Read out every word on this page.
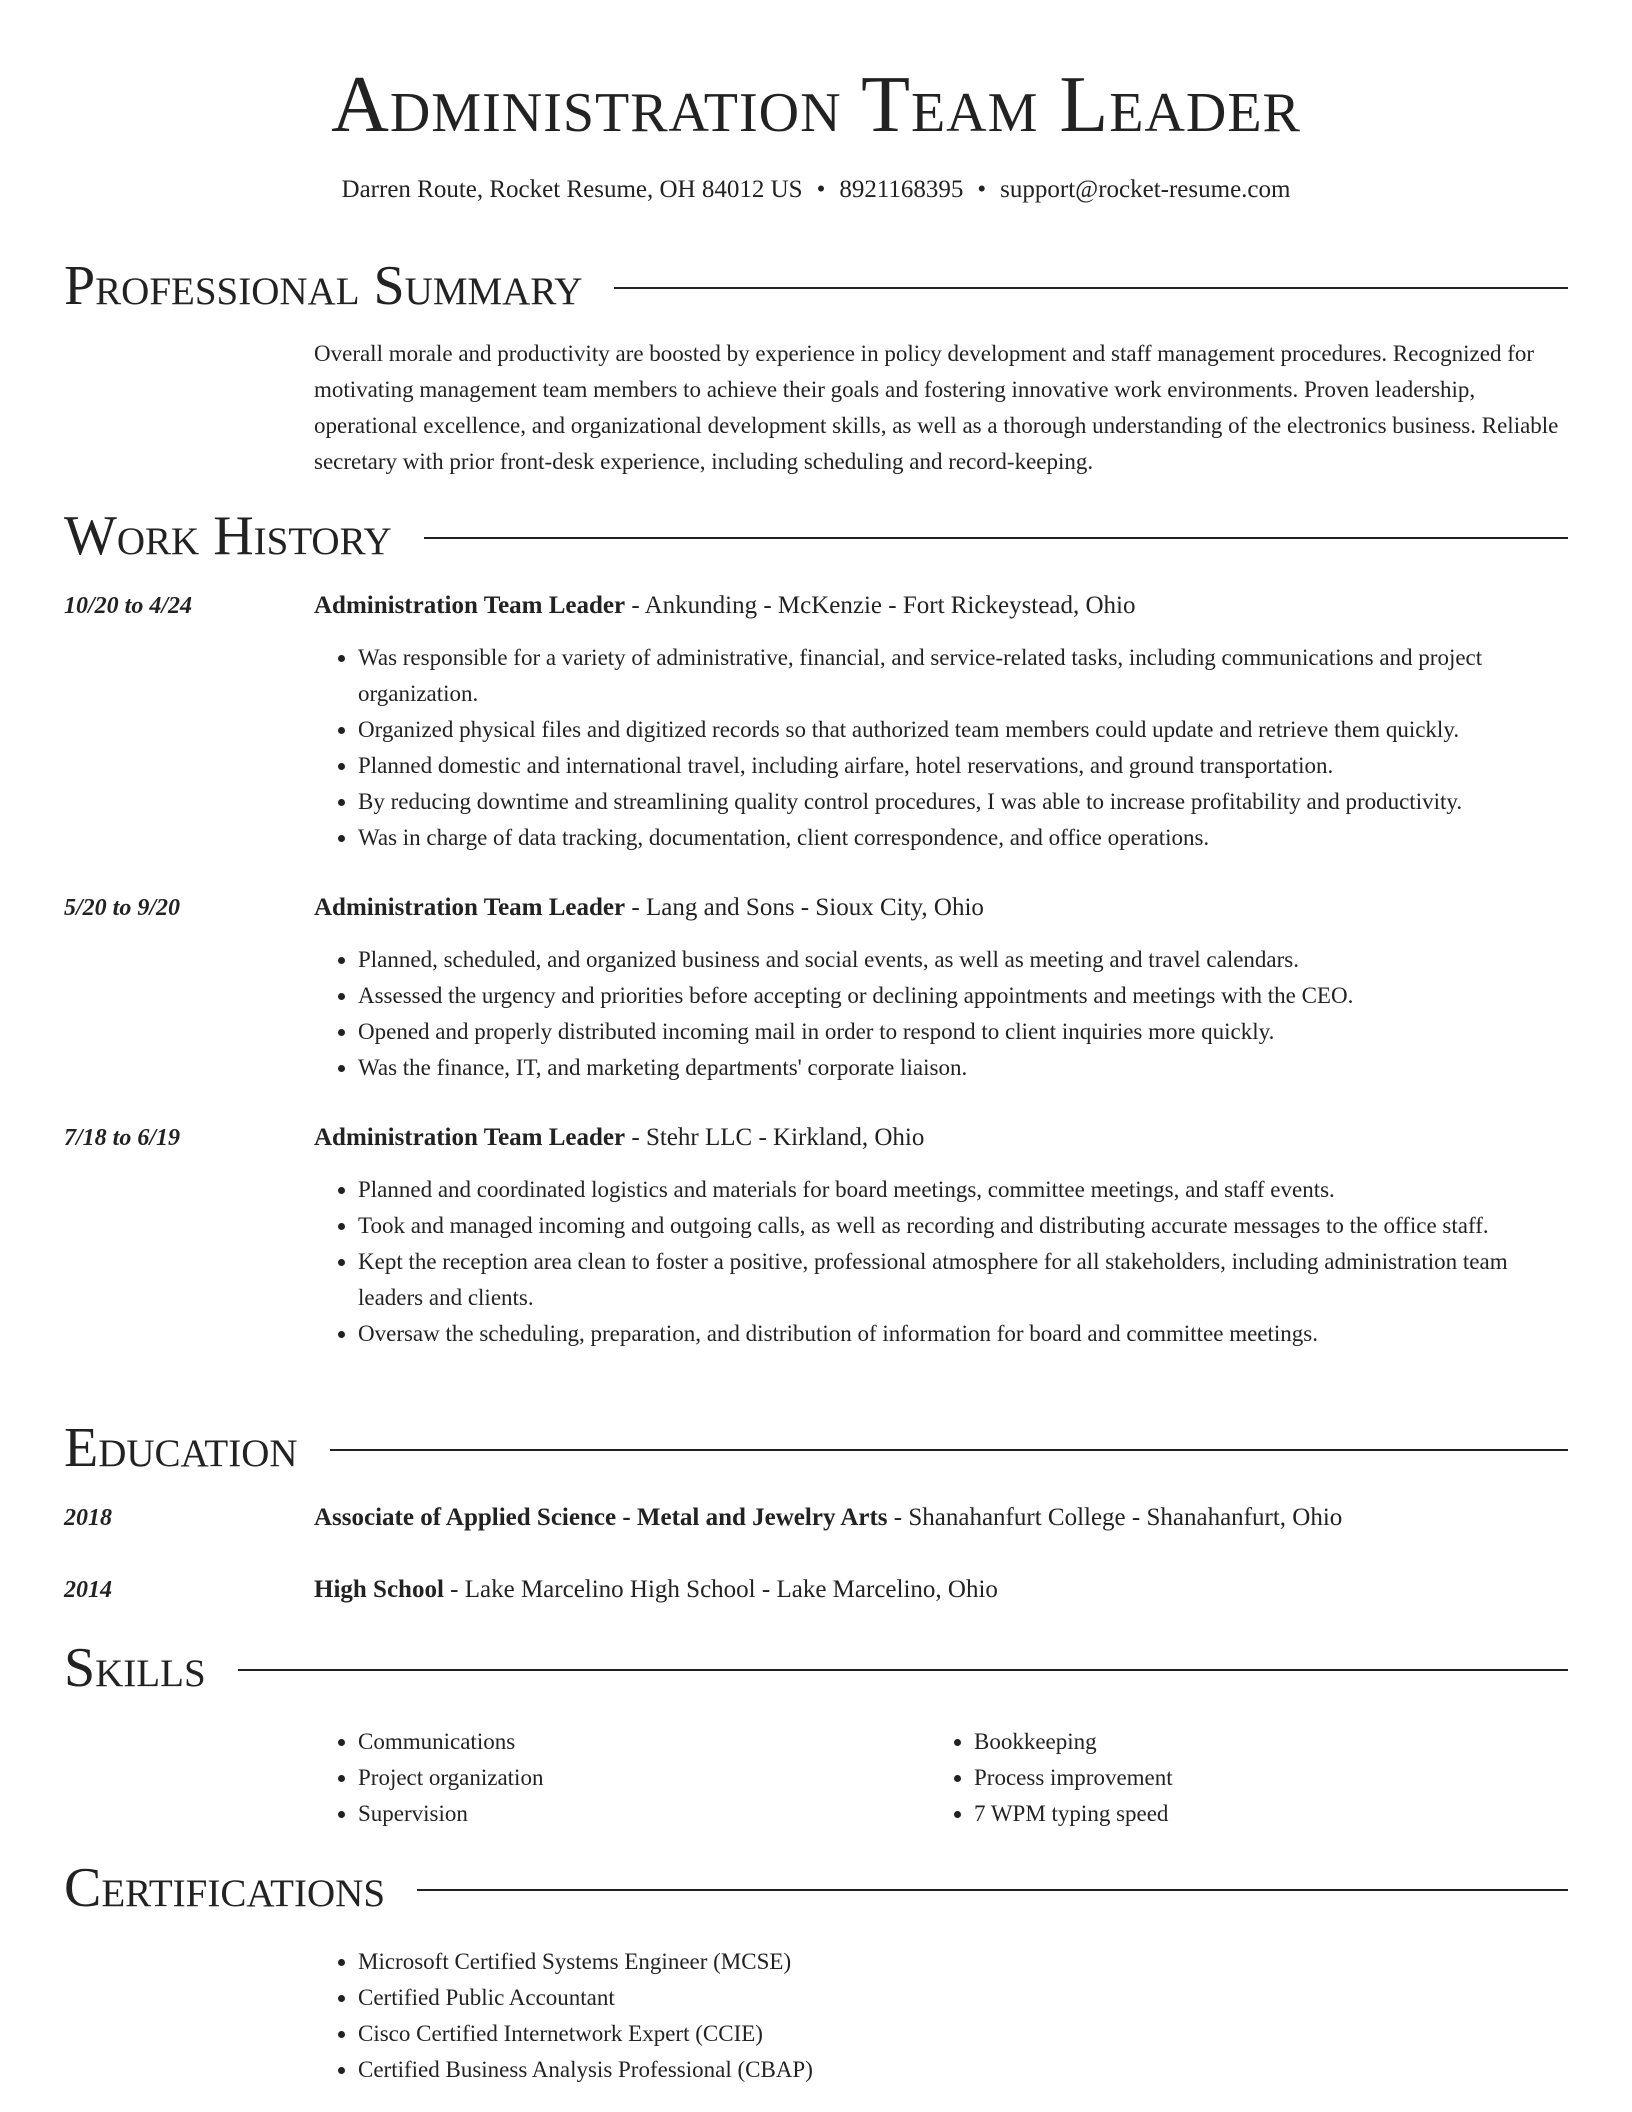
Administration Team Leader
Darren Route, Rocket Resume, OH 84012 US • 8921168395 • support@rocket-resume.com
Professional Summary
Overall morale and productivity are boosted by experience in policy development and staff management procedures. Recognized for motivating management team members to achieve their goals and fostering innovative work environments. Proven leadership, operational excellence, and organizational development skills, as well as a thorough understanding of the electronics business. Reliable secretary with prior front-desk experience, including scheduling and record-keeping.
Work History
10/20 to 4/24	Administration Team Leader - Ankunding - McKenzie - Fort Rickeystead, Ohio
• Was responsible for a variety of administrative, financial, and service-related tasks, including communications and project organization.
• Organized physical files and digitized records so that authorized team members could update and retrieve them quickly.
• Planned domestic and international travel, including airfare, hotel reservations, and ground transportation.
• By reducing downtime and streamlining quality control procedures, I was able to increase profitability and productivity.
• Was in charge of data tracking, documentation, client correspondence, and office operations.
5/20 to 9/20	Administration Team Leader - Lang and Sons - Sioux City, Ohio
• Planned, scheduled, and organized business and social events, as well as meeting and travel calendars.
• Assessed the urgency and priorities before accepting or declining appointments and meetings with the CEO.
• Opened and properly distributed incoming mail in order to respond to client inquiries more quickly.
• Was the finance, IT, and marketing departments' corporate liaison.
7/18 to 6/19	Administration Team Leader - Stehr LLC - Kirkland, Ohio
• Planned and coordinated logistics and materials for board meetings, committee meetings, and staff events.
• Took and managed incoming and outgoing calls, as well as recording and distributing accurate messages to the office staff.
• Kept the reception area clean to foster a positive, professional atmosphere for all stakeholders, including administration team leaders and clients.
• Oversaw the scheduling, preparation, and distribution of information for board and committee meetings.
Education
2018	Associate of Applied Science - Metal and Jewelry Arts - Shanahanfurt College - Shanahanfurt, Ohio
2014	High School - Lake Marcelino High School - Lake Marcelino, Ohio
Skills
• Communications
• Project organization
• Supervision
• Bookkeeping
• Process improvement
• 7 WPM typing speed
Certifications
• Microsoft Certified Systems Engineer (MCSE)
• Certified Public Accountant
• Cisco Certified Internetwork Expert (CCIE)
• Certified Business Analysis Professional (CBAP)
